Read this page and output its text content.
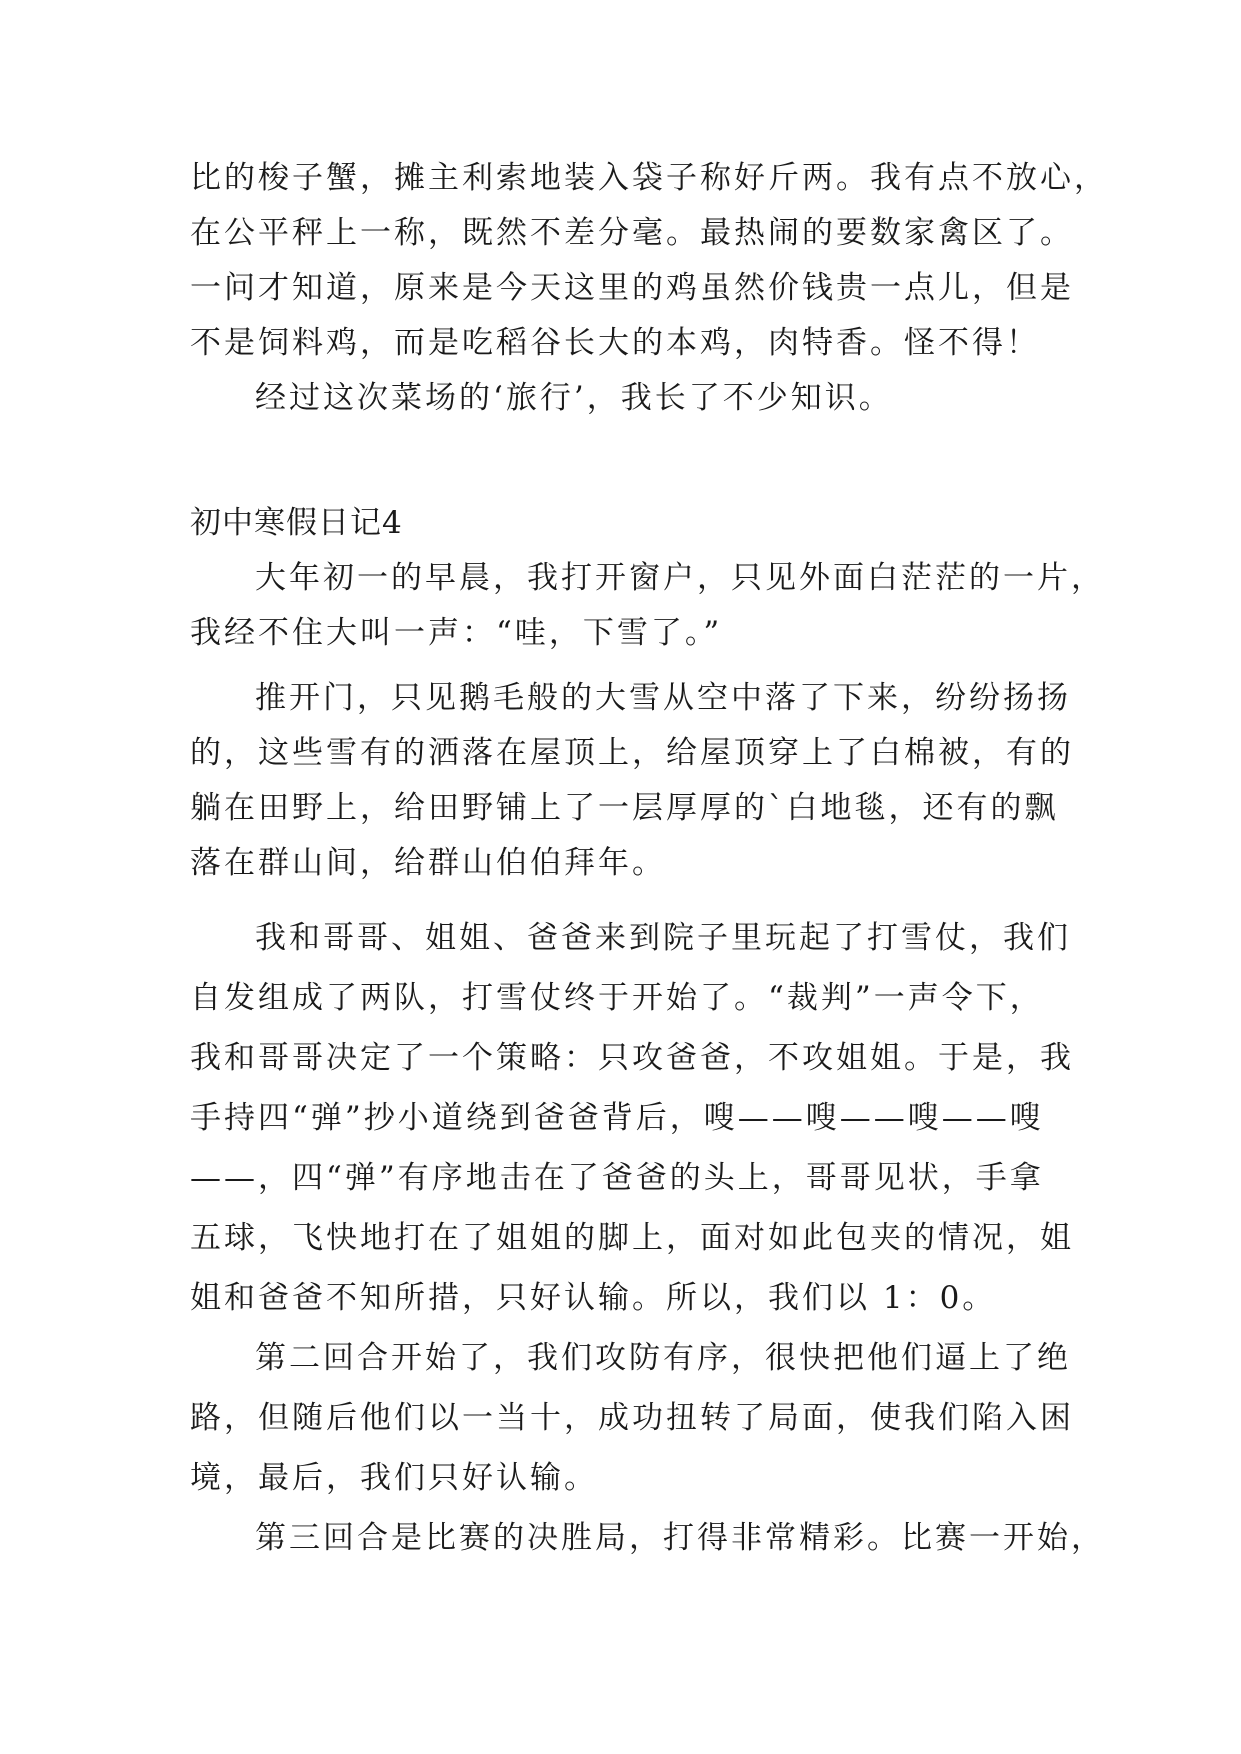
比的梭子蟹，摊主利索地装入袋子称好斤两。我有点不放心，
在公平秤上一称，既然不差分毫。最热闹的要数家禽区了。
一问才知道，原来是今天这里的鸡虽然价钱贵一点儿，但是
不是饲料鸡，而是吃稻谷长大的本鸡，肉特香。怪不得！
经过这次菜场的‘旅行’，我长了不少知识。
初中寒假日记4
大年初一的早晨，我打开窗户，只见外面白茫茫的一片，
我经不住大叫一声：“哇，下雪了。”
推开门，只见鹅毛般的大雪从空中落了下来，纷纷扬扬
的，这些雪有的洒落在屋顶上，给屋顶穿上了白棉被，有的
躺在田野上，给田野铺上了一层厚厚的`白地毯，还有的飘
落在群山间，给群山伯伯拜年。
我和哥哥、姐姐、爸爸来到院子里玩起了打雪仗，我们
自发组成了两队，打雪仗终于开始了。“裁判”一声令下，
我和哥哥决定了一个策略：只攻爸爸，不攻姐姐。于是，我
手持四“弹”抄小道绕到爸爸背后，嗖——嗖——嗖——嗖
——，四“弹”有序地击在了爸爸的头上，哥哥见状，手拿
五球，飞快地打在了姐姐的脚上，面对如此包夹的情况，姐
姐和爸爸不知所措，只好认输。所以，我们以 1：0。
第二回合开始了，我们攻防有序，很快把他们逼上了绝
路，但随后他们以一当十，成功扭转了局面，使我们陷入困
境，最后，我们只好认输。
第三回合是比赛的决胜局，打得非常精彩。比赛一开始，
